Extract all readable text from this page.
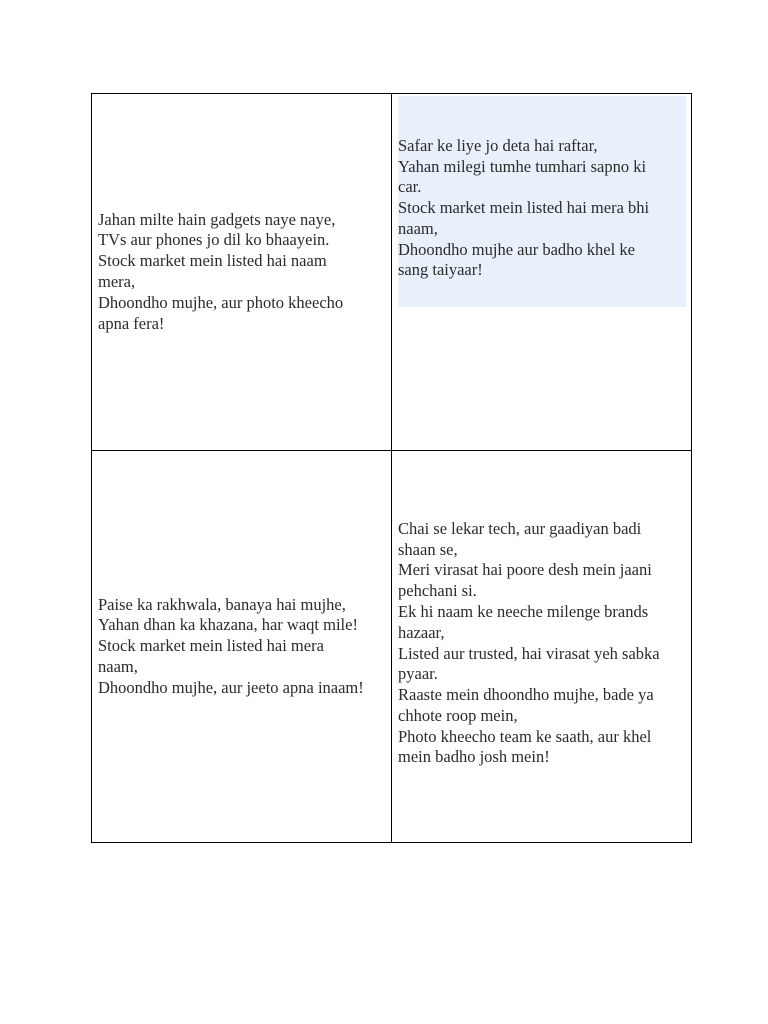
Jahan milte hain gadgets naye naye,
TVs aur phones jo dil ko bhaayein.
Stock market mein listed hai naam
mera,
Dhoondho mujhe, aur photo kheecho
apna fera!
Safar ke liye jo deta hai raftar,
Yahan milegi tumhe tumhari sapno ki
car.
Stock market mein listed hai mera bhi
naam,
Dhoondho mujhe aur badho khel ke
sang taiyaar!
Paise ka rakhwala, banaya hai mujhe,
Yahan dhan ka khazana, har waqt mile!
Stock market mein listed hai mera
naam,
Dhoondho mujhe, aur jeeto apna inaam!
Chai se lekar tech, aur gaadiyan badi
shaan se,
Meri virasat hai poore desh mein jaani
pehchani si.
Ek hi naam ke neeche milenge brands
hazaar,
Listed aur trusted, hai virasat yeh sabka
pyaar.
Raaste mein dhoondho mujhe, bade ya
chhote roop mein,
Photo kheecho team ke saath, aur khel
mein badho josh mein!
